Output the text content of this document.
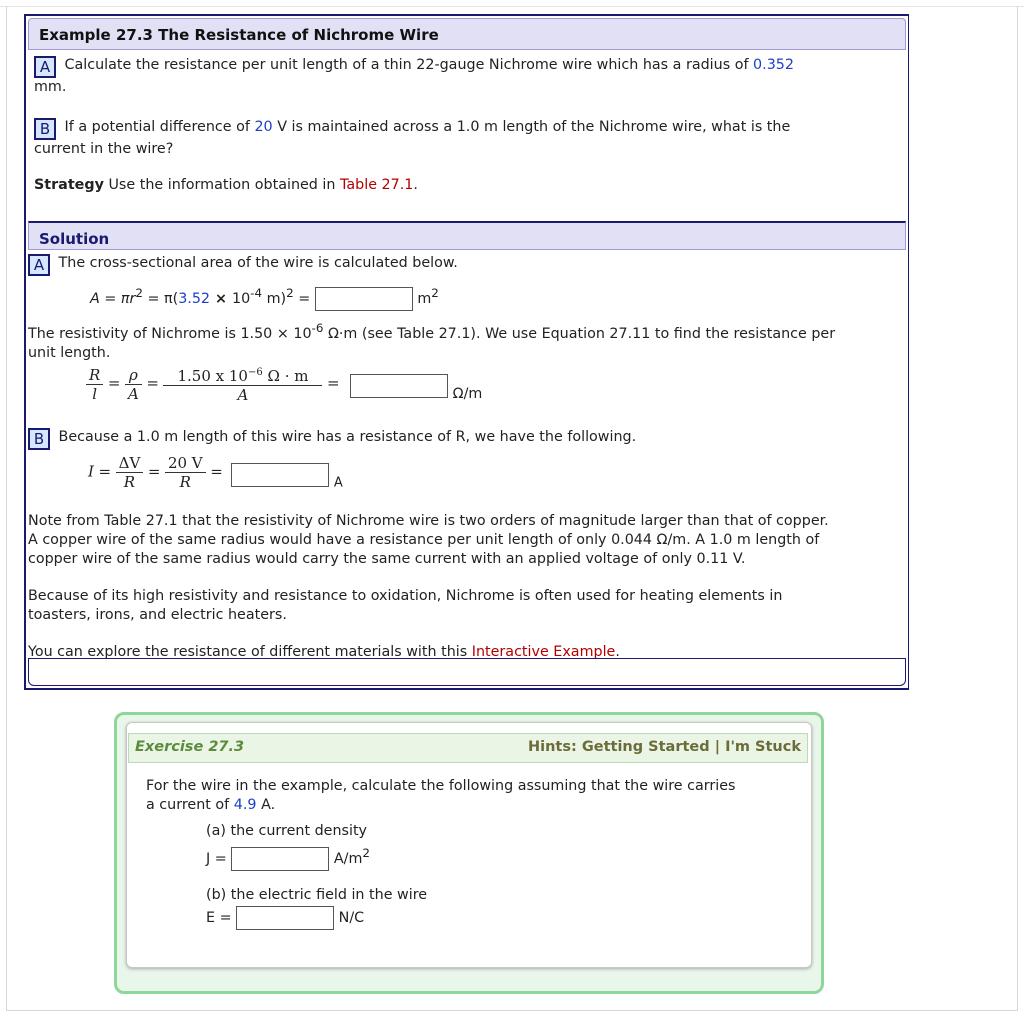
Example 27.3 The Resistance of Nichrome Wire
A Calculate the resistance per unit length of a thin 22-gauge Nichrome wire which has a radius of 0.352
mm.
B If a potential difference of 20 V is maintained across a 1.0 m length of the Nichrome wire, what is the
current in the wire?
Strategy Use the information obtained in Table 27.1.
Solution
A The cross-sectional area of the wire is calculated below.
$A = \pi r^2 = \pi(3.52 \times 10^{-4}$ m)$^2$ =	$m^2$
The resistivity of Nichrome is $1.50 \times 10^{-6}$ Ω·m (see Table 27.1). We use Equation 27.11 to find the resistance per
unit length.
$\frac{R}{l} = \frac{\rho}{A} = \frac{1.50 x 10^{-6} \Omega \cdot m}{A} = \Omega/m$
B Because a 1.0 m length of this wire has a resistance of R, we have the following.
$I = \frac{\Delta V}{R} = \frac{20 V}{R} = A$
Note from Table 27.1 that the resistivity of Nichrome wire is two orders of magnitude larger than that of copper.
A copper wire of the same radius would have a resistance per unit length of only 0.044 Ω/m. A 1.0 m length of
copper wire of the same radius would carry the same current with an applied voltage of only 0.11 V.
Because of its high resistivity and resistance to oxidation, Nichrome is often used for heating elements in
toasters, irons, and electric heaters.
You can explore the resistance of different materials with this Interactive Example.
Exercise 27.3	Hints: Getting Started | I'm Stuck
For the wire in the example, calculate the following assuming that the wire carries
a current of 4.9 A.
(a) the current density
J =	$A/m^2$
(b) the electric field in the wire
E =	N/C
